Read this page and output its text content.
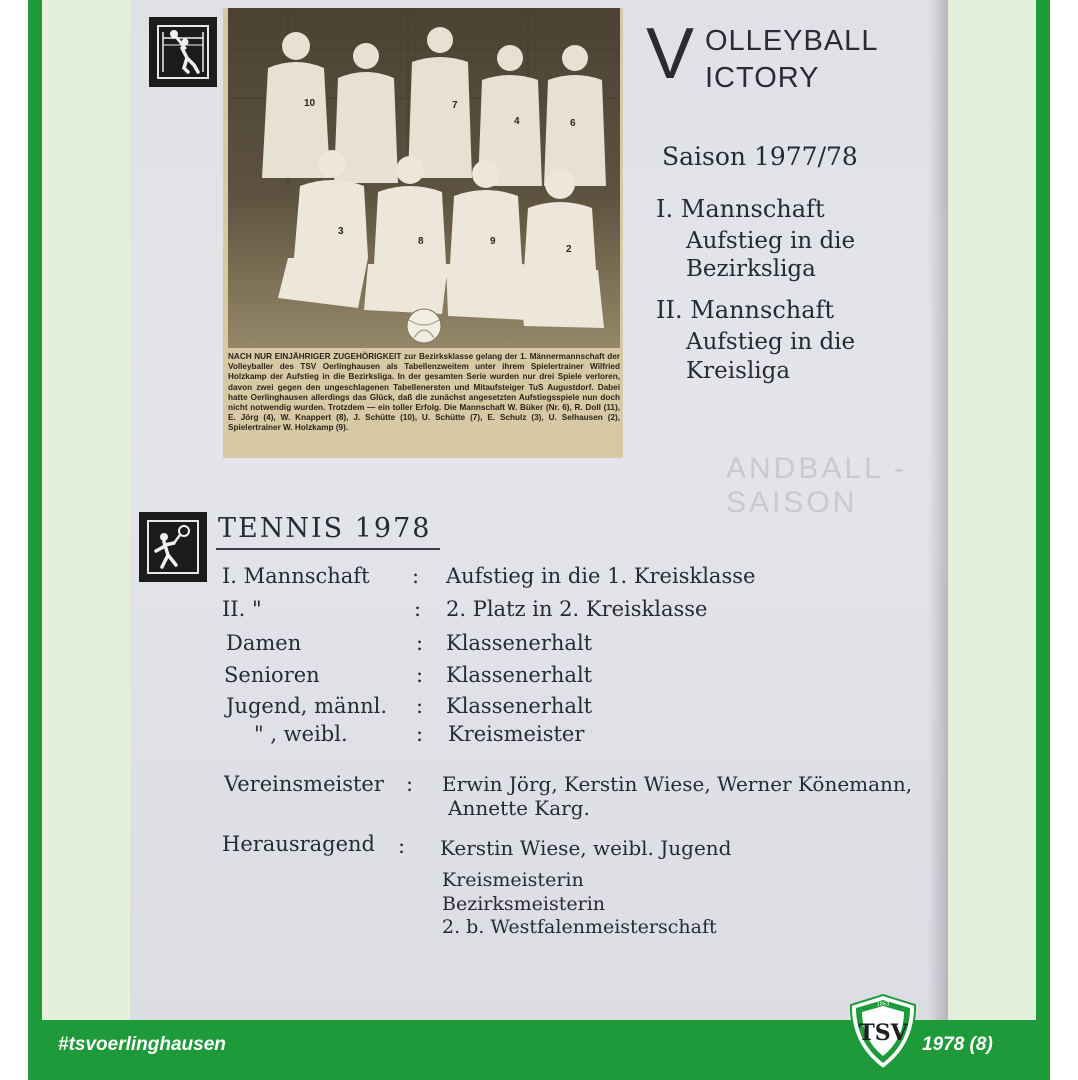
10	7
4	6
3
8	9
2
NACH NUR EINJÄHRIGER ZUGEHÖRIGKEIT zur Bezirksklasse gelang der 1. Männermannschaft der Volleyballer des TSV Oerlinghausen als Tabellenzweitem unter ihrem Spielertrainer Wilfried Holzkamp der Aufstieg in die Bezirksliga. In der gesamten Serie wurden nur drei Spiele verloren, davon zwei gegen den ungeschlagenen Tabellenersten und Mitaufsteiger TuS Augustdorf. Dabei hatte Oerlinghausen allerdings das Glück, daß die zunächst angesetzten Aufstiegsspiele nun doch nicht notwendig wurden. Trotzdem — ein toller Erfolg. Die Mannschaft W. Büker (Nr. 6), R. Doll (11), E. Jörg (4), W. Knappert (8), J. Schütte (10), U. Schütte (7), E. Schulz (3), U. Selhausen (2), Spielertrainer W. Holzkamp (9).
V OLLEYBALL
ICTORY
Saison 1977/78
I. Mannschaft
Aufstieg in die
Bezirksliga
II. Mannschaft
Aufstieg in die
Kreisliga
ANDBALL - SAISON
TENNIS 1978
I. Mannschaft : Aufstieg in die 1. Kreisklasse
II. "	: 2. Platz in 2. Kreisklasse
Damen	: Klassenerhalt
Senioren	: Klassenerhalt
Jugend, männl. : Klassenerhalt
" , weibl.	: Kreismeister
Vereinsmeister : Erwin Jörg, Kerstin Wiese, Werner Könemann,
Annette Karg.
Herausragend : Kerstin Wiese, weibl. Jugend
Kreismeisterin
Bezirksmeisterin
2. b. Westfalenmeisterschaft
#tsvoerlinghausen	1978 (8)
1863
TSV
